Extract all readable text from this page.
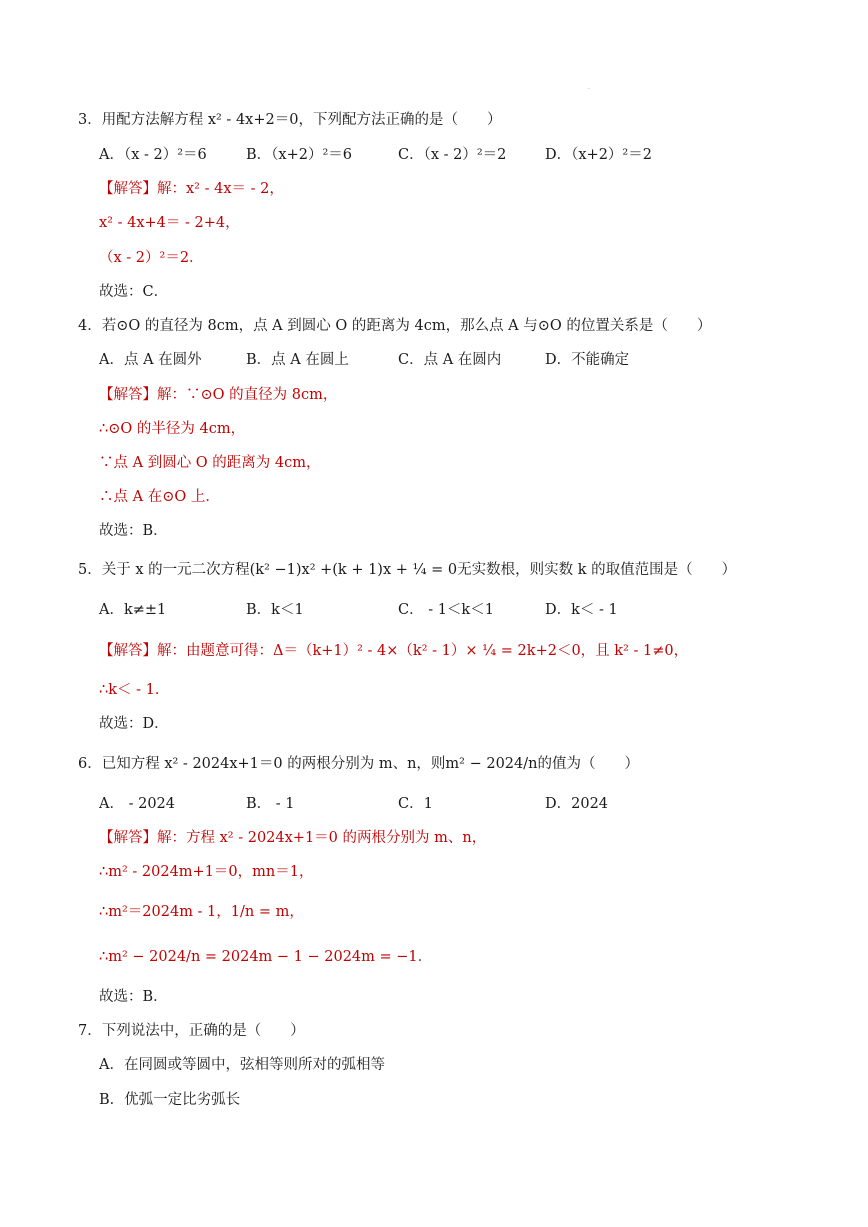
·
3．用配方法解方程 x² - 4x+2＝0，下列配方法正确的是（　　）
A．（x - 2）²＝6	B．（x+2）²＝6	C．（x - 2）²＝2	D．（x+2）²＝2
【解答】解：x² - 4x＝ - 2，
x² - 4x+4＝ - 2+4，
（x - 2）²＝2．
故选：C．
4．若⊙O 的直径为 8cm，点 A 到圆心 O 的距离为 4cm，那么点 A 与⊙O 的位置关系是（　　）
A．点 A 在圆外	B．点 A 在圆上	C．点 A 在圆内	D．不能确定
【解答】解：∵⊙O 的直径为 8cm，
∴⊙O 的半径为 4cm，
∵点 A 到圆心 O 的距离为 4cm，
∴点 A 在⊙O 上．
故选：B．
5．关于 x 的一元二次方程(k² −1)x² +(k + 1)x + ¼ = 0无实数根，则实数 k 的取值范围是（　　）
A．k≠±1	B．k＜1	C． - 1＜k＜1	D．k＜ - 1
【解答】解：由题意可得：Δ＝（k+1）² - 4×（k² - 1）× ¼ = 2k+2＜0，且 k² - 1≠0，
∴k＜ - 1．
故选：D．
6．已知方程 x² - 2024x+1＝0 的两根分别为 m、n，则m² − 2024/n的值为（　　）
A． - 2024	B． - 1	C．1	D．2024
【解答】解：方程 x² - 2024x+1＝0 的两根分别为 m、n，
∴m² - 2024m+1＝0，mn＝1，
∴m²＝2024m - 1，1/n = m，
∴m² − 2024/n = 2024m − 1 − 2024m = −1．
故选：B．
7．下列说法中，正确的是（　　）
A．在同圆或等圆中，弦相等则所对的弧相等
B．优弧一定比劣弧长
